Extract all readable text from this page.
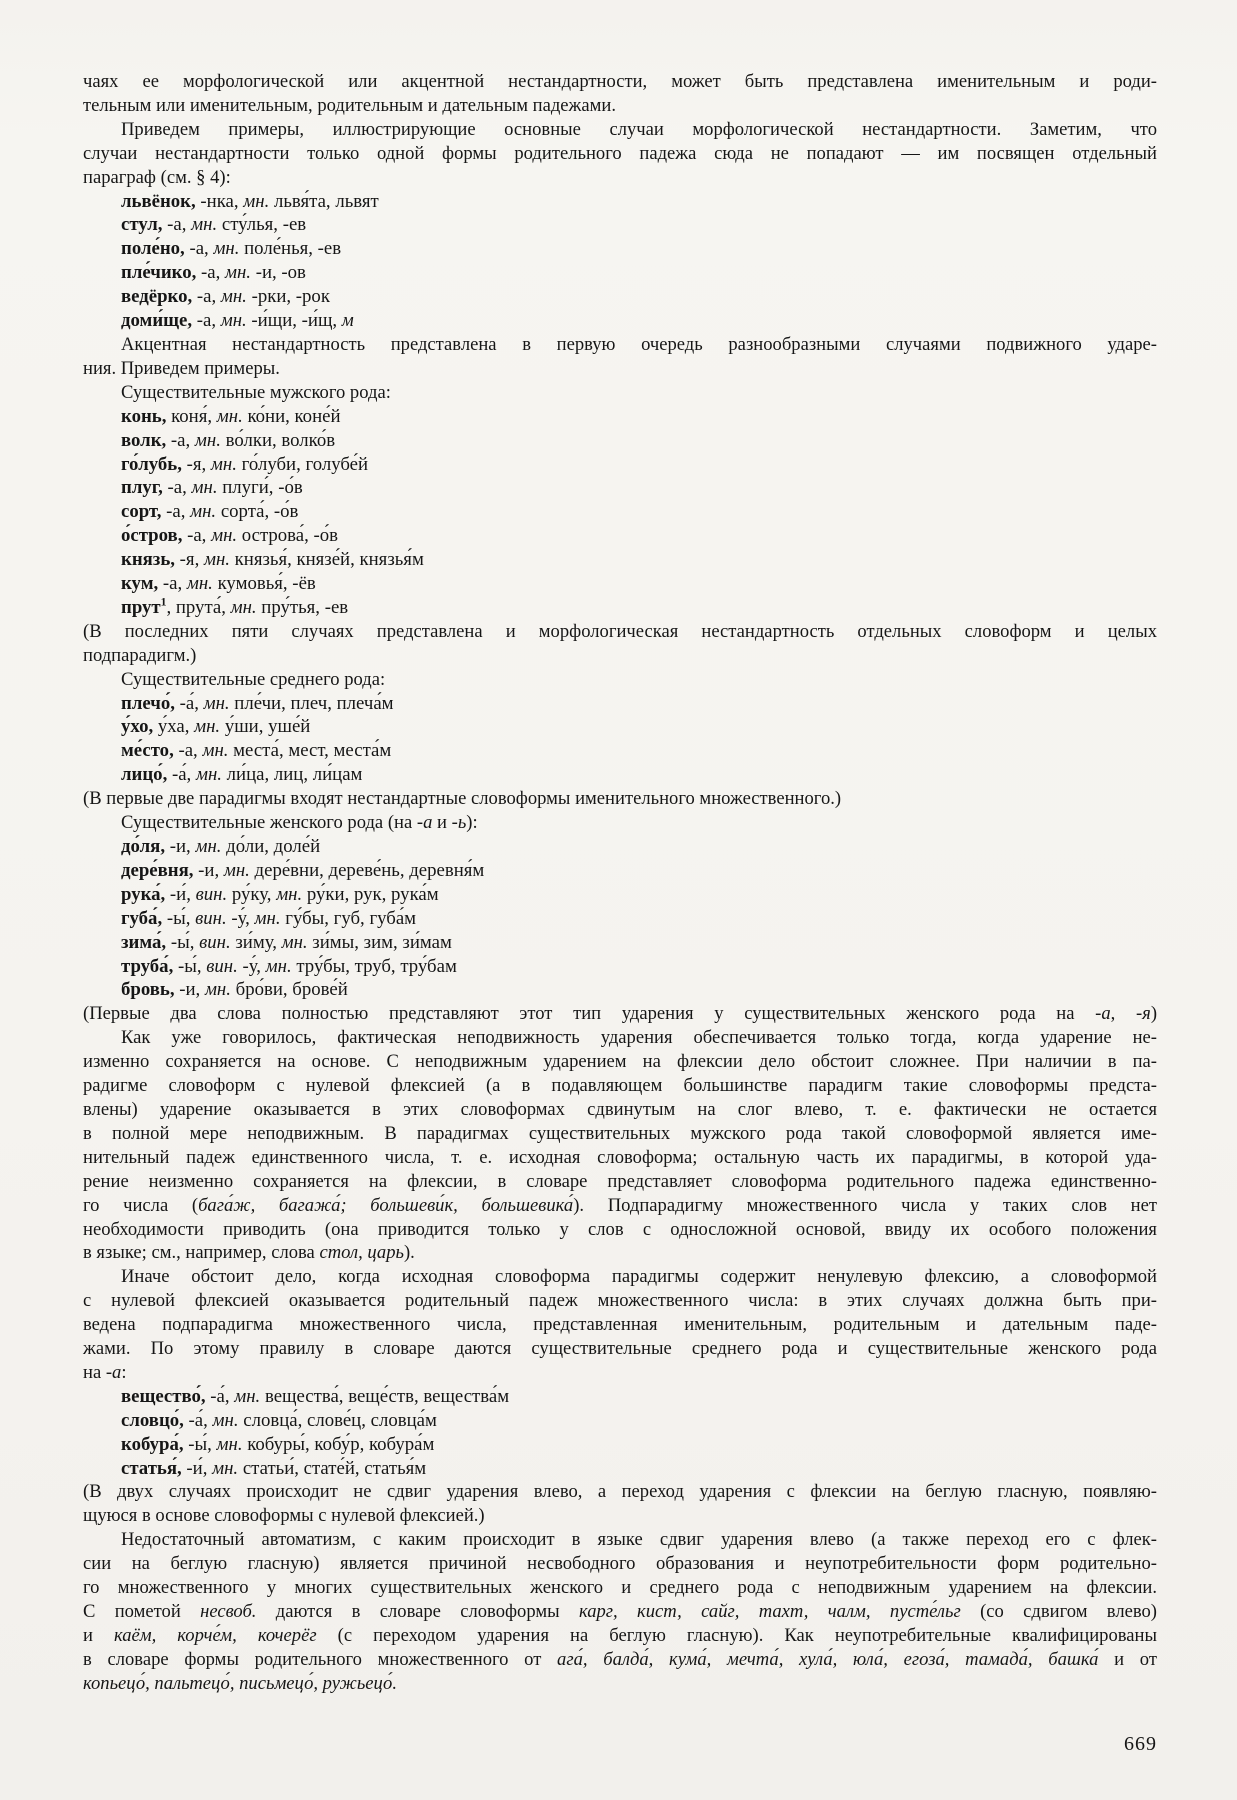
чаях ее морфологической или акцентной нестандартности, может быть представлена именительным и роди-
тельным или именительным, родительным и дательным падежами.
Приведем примеры, иллюстрирующие основные случаи морфологической нестандартности. Заметим, что
случаи нестандартности только одной формы родительного падежа сюда не попадают — им посвящен отдельный
параграф (см. § 4):
львёнок, -нка, мн. львя́та, львят
стул, -а, мн. сту́лья, -ев
поле́но, -а, мн. поле́нья, -ев
пле́чико, -а, мн. -и, -ов
ведёрко, -а, мн. -рки, -рок
доми́ще, -а, мн. -и́щи, -и́щ, м
Акцентная нестандартность представлена в первую очередь разнообразными случаями подвижного ударе-
ния. Приведем примеры.
Существительные мужского рода:
конь, коня́, мн. ко́ни, коне́й
волк, -а, мн. во́лки, волко́в
го́лубь, -я, мн. го́луби, голубе́й
плуг, -а, мн. плуги́, -о́в
сорт, -а, мн. сорта́, -о́в
о́стров, -а, мн. острова́, -о́в
князь, -я, мн. князья́, князе́й, князья́м
кум, -а, мн. кумовья́, -ёв
прут$^1$, прута́, мн. пру́тья, -ев
(В последних пяти случаях представлена и морфологическая нестандартность отдельных словоформ и целых
подпарадигм.)
Существительные среднего рода:
плечо́, -а́, мн. пле́чи, плеч, плеча́м
у́хо, у́ха, мн. у́ши, уше́й
ме́сто, -а, мн. места́, мест, места́м
лицо́, -а́, мн. ли́ца, лиц, ли́цам
(В первые две парадигмы входят нестандартные словоформы именительного множественного.)
Существительные женского рода (на -а и -ь):
до́ля, -и, мн. до́ли, доле́й
дере́вня, -и, мн. дере́вни, дереве́нь, деревня́м
рука́, -и́, вин. ру́ку, мн. ру́ки, рук, рука́м
губа́, -ы́, вин. -у́, мн. гу́бы, губ, губа́м
зима́, -ы́, вин. зи́му, мн. зи́мы, зим, зи́мам
труба́, -ы́, вин. -у́, мн. тру́бы, труб, тру́бам
бровь, -и, мн. бро́ви, брове́й
(Первые два слова полностью представляют этот тип ударения у существительных женского рода на -а, -я)
Как уже говорилось, фактическая неподвижность ударения обеспечивается только тогда, когда ударение не-
изменно сохраняется на основе. С неподвижным ударением на флексии дело обстоит сложнее. При наличии в па-
радигме словоформ с нулевой флексией (а в подавляющем большинстве парадигм такие словоформы предста-
влены) ударение оказывается в этих словоформах сдвинутым на слог влево, т. е. фактически не остается
в полной мере неподвижным. В парадигмах существительных мужского рода такой словоформой является име-
нительный падеж единственного числа, т. е. исходная словоформа; остальную часть их парадигмы, в которой уда-
рение неизменно сохраняется на флексии, в словаре представляет словоформа родительного падежа единственно-
го числа (бага́ж, багажа́; большеви́к, большевика́). Подпарадигму множественного числа у таких слов нет
необходимости приводить (она приводится только у слов с односложной основой, ввиду их особого положения
в языке; см., например, слова стол, царь).
Иначе обстоит дело, когда исходная словоформа парадигмы содержит ненулевую флексию, а словоформой
с нулевой флексией оказывается родительный падеж множественного числа: в этих случаях должна быть при-
ведена подпарадигма множественного числа, представленная именительным, родительным и дательным паде-
жами. По этому правилу в словаре даются существительные среднего рода и существительные женского рода
на -а:
вещество́, -а́, мн. вещества́, веще́ств, вещества́м
словцо́, -а́, мн. словца́, слове́ц, словца́м
кобура́, -ы́, мн. кобуры́, кобу́р, кобура́м
статья́, -и́, мн. статьи́, стате́й, статья́м
(В двух случаях происходит не сдвиг ударения влево, а переход ударения с флексии на беглую гласную, появляю-
щуюся в основе словоформы с нулевой флексией.)
Недостаточный автоматизм, с каким происходит в языке сдвиг ударения влево (а также переход его с флек-
сии на беглую гласную) является причиной несвободного образования и неупотребительности форм родительно-
го множественного у многих существительных женского и среднего рода с неподвижным ударением на флексии.
С пометой несвоб. даются в словаре словоформы карг, кист, сайг, тахт, чалм, пусте́льг (со сдвигом влево)
и каём, корче́м, кочерёг (с переходом ударения на беглую гласную). Как неупотребительные квалифицированы
в словаре формы родительного множественного от ага́, балда́, кума́, мечта́, хула́, юла́, егоза́, тамада́, башка́ и от
копьецо́, пальтецо́, письмецо́, ружьецо́.
669
